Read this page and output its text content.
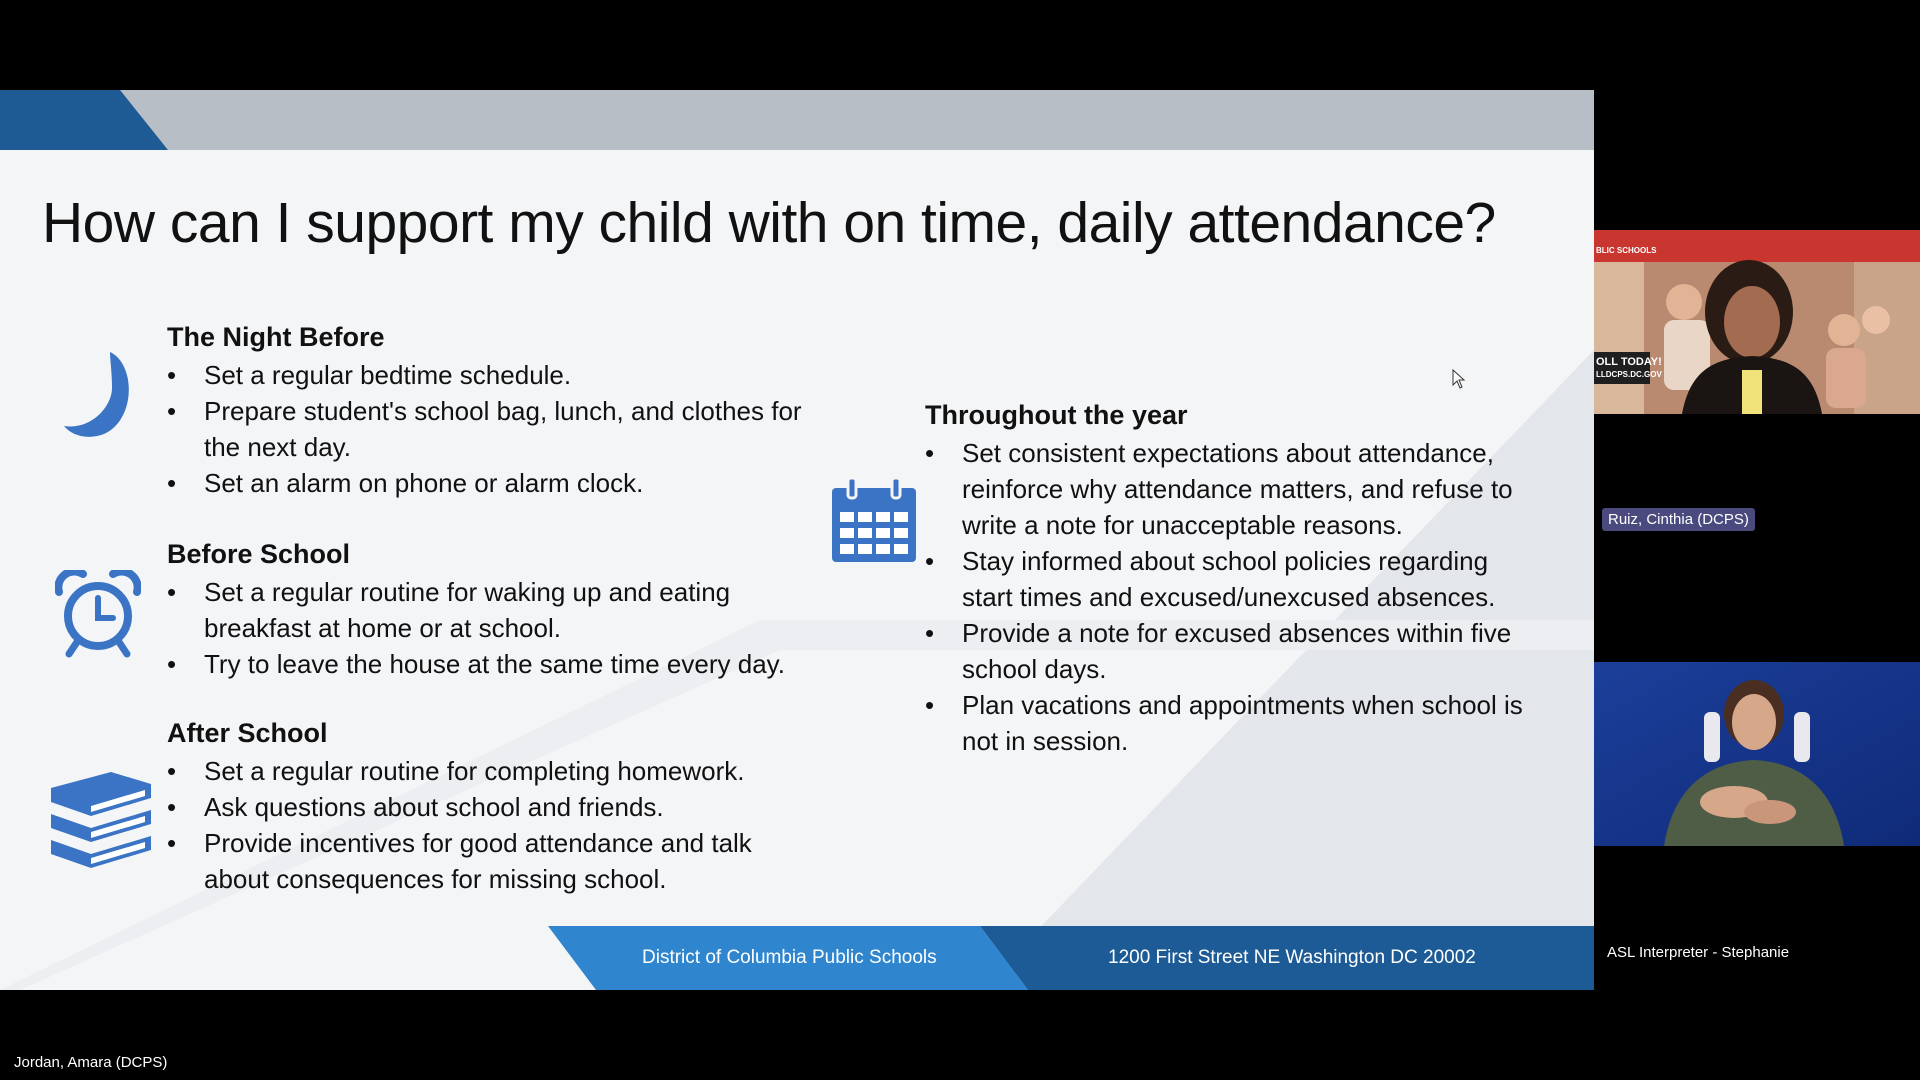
How can I support my child with on time, daily attendance?
The Night Before
• Set a regular bedtime schedule.
• Prepare student's school bag, lunch, and clothes for the next day.
• Set an alarm on phone or alarm clock.
Before School
• Set a regular routine for waking up and eating breakfast at home or at school.
• Try to leave the house at the same time every day.
After School
• Set a regular routine for completing homework.
• Ask questions about school and friends.
• Provide incentives for good attendance and talk about consequences for missing school.
Throughout the year
• Set consistent expectations about attendance, reinforce why attendance matters, and refuse to write a note for unacceptable reasons.
• Stay informed about school policies regarding start times and excused/unexcused absences.
• Provide a note for excused absences within five school days.
• Plan vacations and appointments when school is not in session.
District of Columbia Public Schools	1200 First Street NE Washington DC 20002
BLIC SCHOOLS
OLL TODAY!
LLDCPS.DC.GOV
Ruiz, Cinthia (DCPS)
ASL Interpreter - Stephanie
Jordan, Amara (DCPS)
